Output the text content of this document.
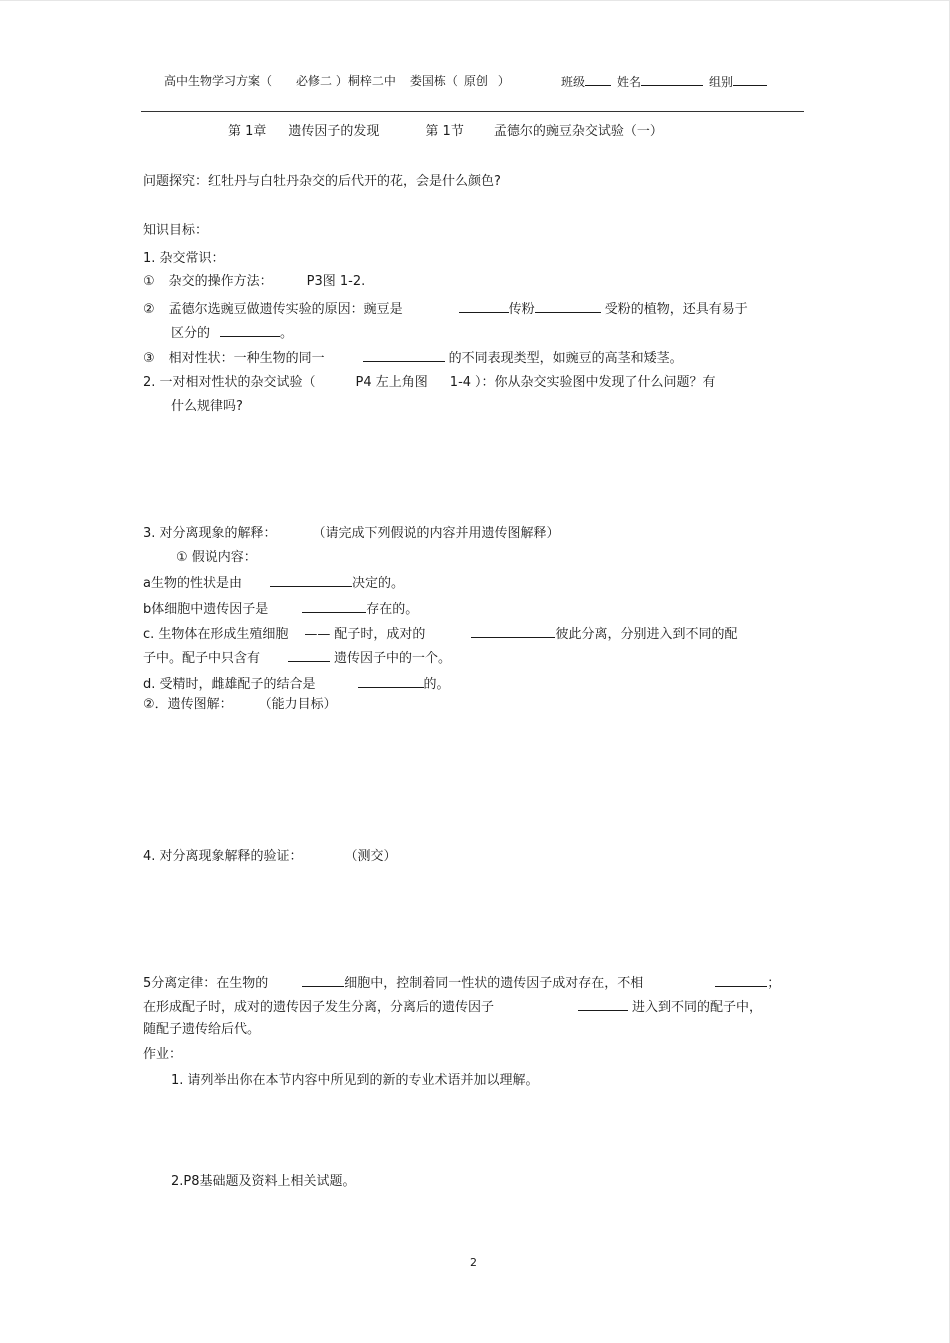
高中生物学习方案（ 必修二 ）桐梓二中 娄国栋（ 原创 ）	班级	姓名	组别
第 1章 遗传因子的发现	第 1节 孟德尔的豌豆杂交试验（一）
问题探究：红牡丹与白牡丹杂交的后代开的花，会是什么颜色?
知识目标：
1. 杂交常识：
① 杂交的操作方法：	P3图 1-2.
② 孟德尔选豌豆做遗传实验的原因：豌豆是	传粉	受粉的植物，还具有易于
区分的	。
③ 相对性状：一种生物的同一	的不同表现类型，如豌豆的高茎和矮茎。
2. 一对相对性状的杂交试验（	P4 左上角图 1-4 ）：你从杂交实验图中发现了什么问题？有
什么规律吗?
3. 对分离现象的解释：	（请完成下列假说的内容并用遗传图解释）
① 假说内容：
a生物的性状是由	决定的。
b体细胞中遗传因子是	存在的。
c. 生物体在形成生殖细胞 —— 配子时，成对的	彼此分离，分别进入到不同的配
子中。配子中只含有	遗传因子中的一个。
d. 受精时，雌雄配子的结合是	的。
②．遗传图解： （能力目标）
4. 对分离现象解释的验证：	（测交）
5分离定律：在生物的	细胞中，控制着同一性状的遗传因子成对存在，不相	；
在形成配子时，成对的遗传因子发生分离，分离后的遗传因子	进入到不同的配子中，
随配子遗传给后代。
作业：
1. 请列举出你在本节内容中所见到的新的专业术语并加以理解。
2.P8基础题及资料上相关试题。
2
